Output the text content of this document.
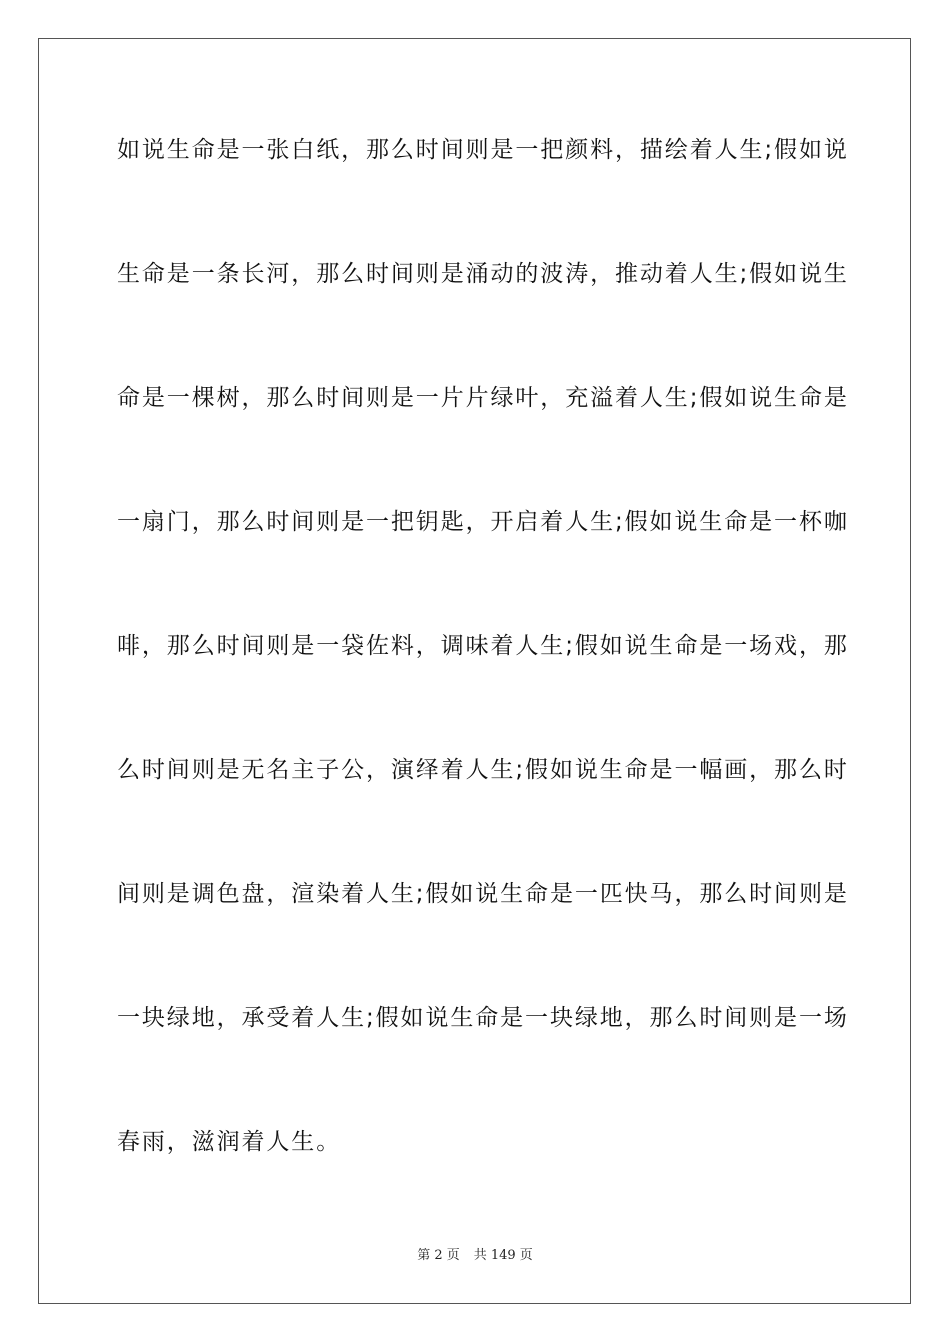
如说生命是一张白纸，那么时间则是一把颜料，描绘着人生;假如说
生命是一条长河，那么时间则是涌动的波涛，推动着人生;假如说生
命是一棵树，那么时间则是一片片绿叶，充溢着人生;假如说生命是
一扇门，那么时间则是一把钥匙，开启着人生;假如说生命是一杯咖
啡，那么时间则是一袋佐料，调味着人生;假如说生命是一场戏，那
么时间则是无名主子公，演绎着人生;假如说生命是一幅画，那么时
间则是调色盘，渲染着人生;假如说生命是一匹快马，那么时间则是
一块绿地，承受着人生;假如说生命是一块绿地，那么时间则是一场
春雨，滋润着人生。
第 2 页 共 149 页
